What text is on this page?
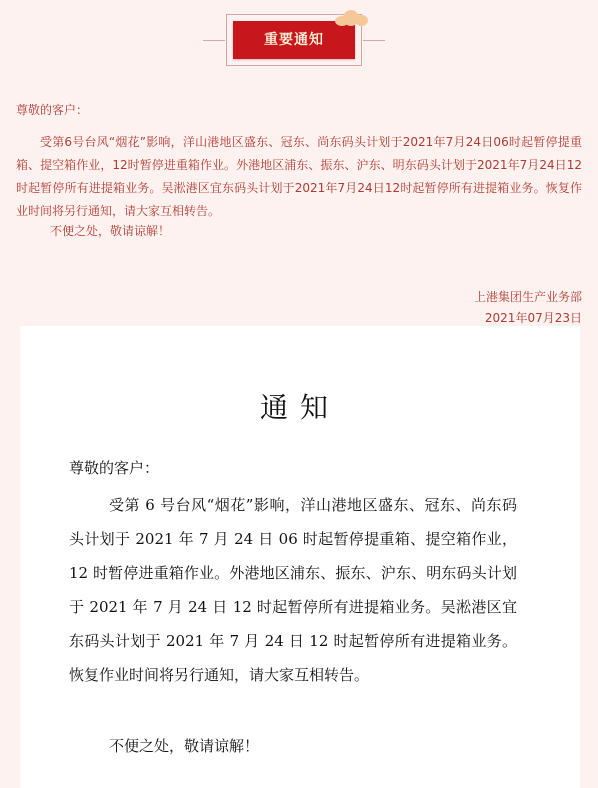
重要通知
尊敬的客户：
受第6号台风“烟花”影响，洋山港地区盛东、冠东、尚东码头计划于2021年7月24日06时起暂停提重箱、提空箱作业，12时暂停进重箱作业。外港地区浦东、振东、沪东、明东码头计划于2021年7月24日12时起暂停所有进提箱业务。吴淞港区宜东码头计划于2021年7月24日12时起暂停所有进提箱业务。恢复作业时间将另行通知，请大家互相转告。
不便之处，敬请谅解！
上港集团生产业务部
2021年07月23日
通知
尊敬的客户：
受第 6 号台风“烟花”影响，洋山港地区盛东、冠东、尚东码头计划于 2021 年 7 月 24 日 06 时起暂停提重箱、提空箱作业，12 时暂停进重箱作业。外港地区浦东、振东、沪东、明东码头计划于 2021 年 7 月 24 日 12 时起暂停所有进提箱业务。吴淞港区宜东码头计划于 2021 年 7 月 24 日 12 时起暂停所有进提箱业务。恢复作业时间将另行通知，请大家互相转告。
不便之处，敬请谅解！
